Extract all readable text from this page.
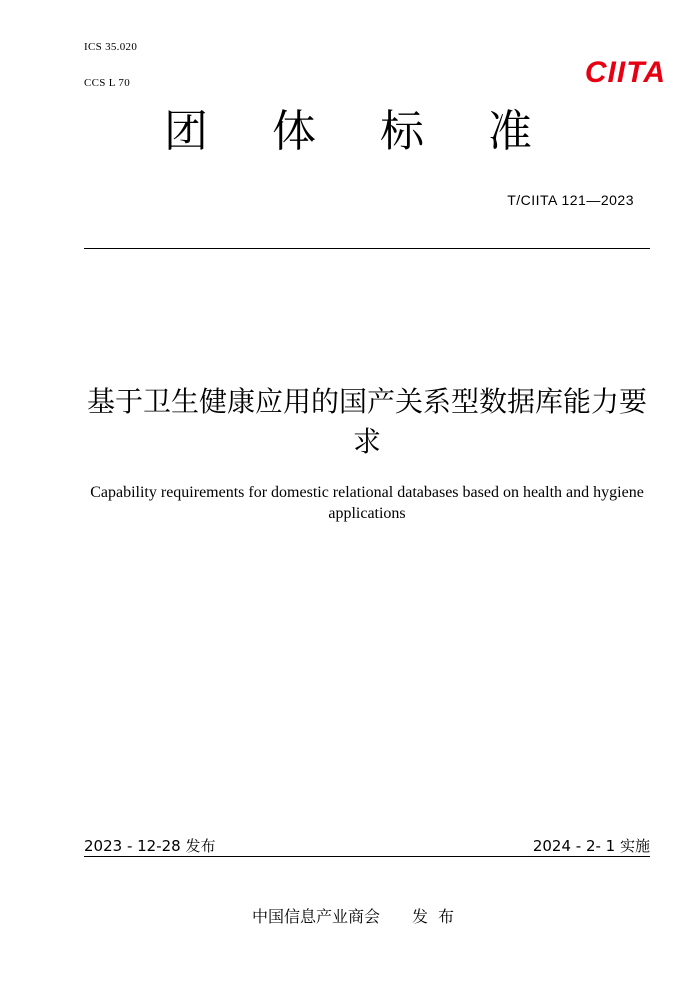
ICS 35.020
CCS L 70	CIITA
团体标准
T/CIITA 121—2023
基于卫生健康应用的国产关系型数据库能力要求
Capability requirements for domestic relational databases based on health and hygiene applications
2023 - 12-28 发布	2024 - 2- 1 实施
中国信息产业商会 发布
